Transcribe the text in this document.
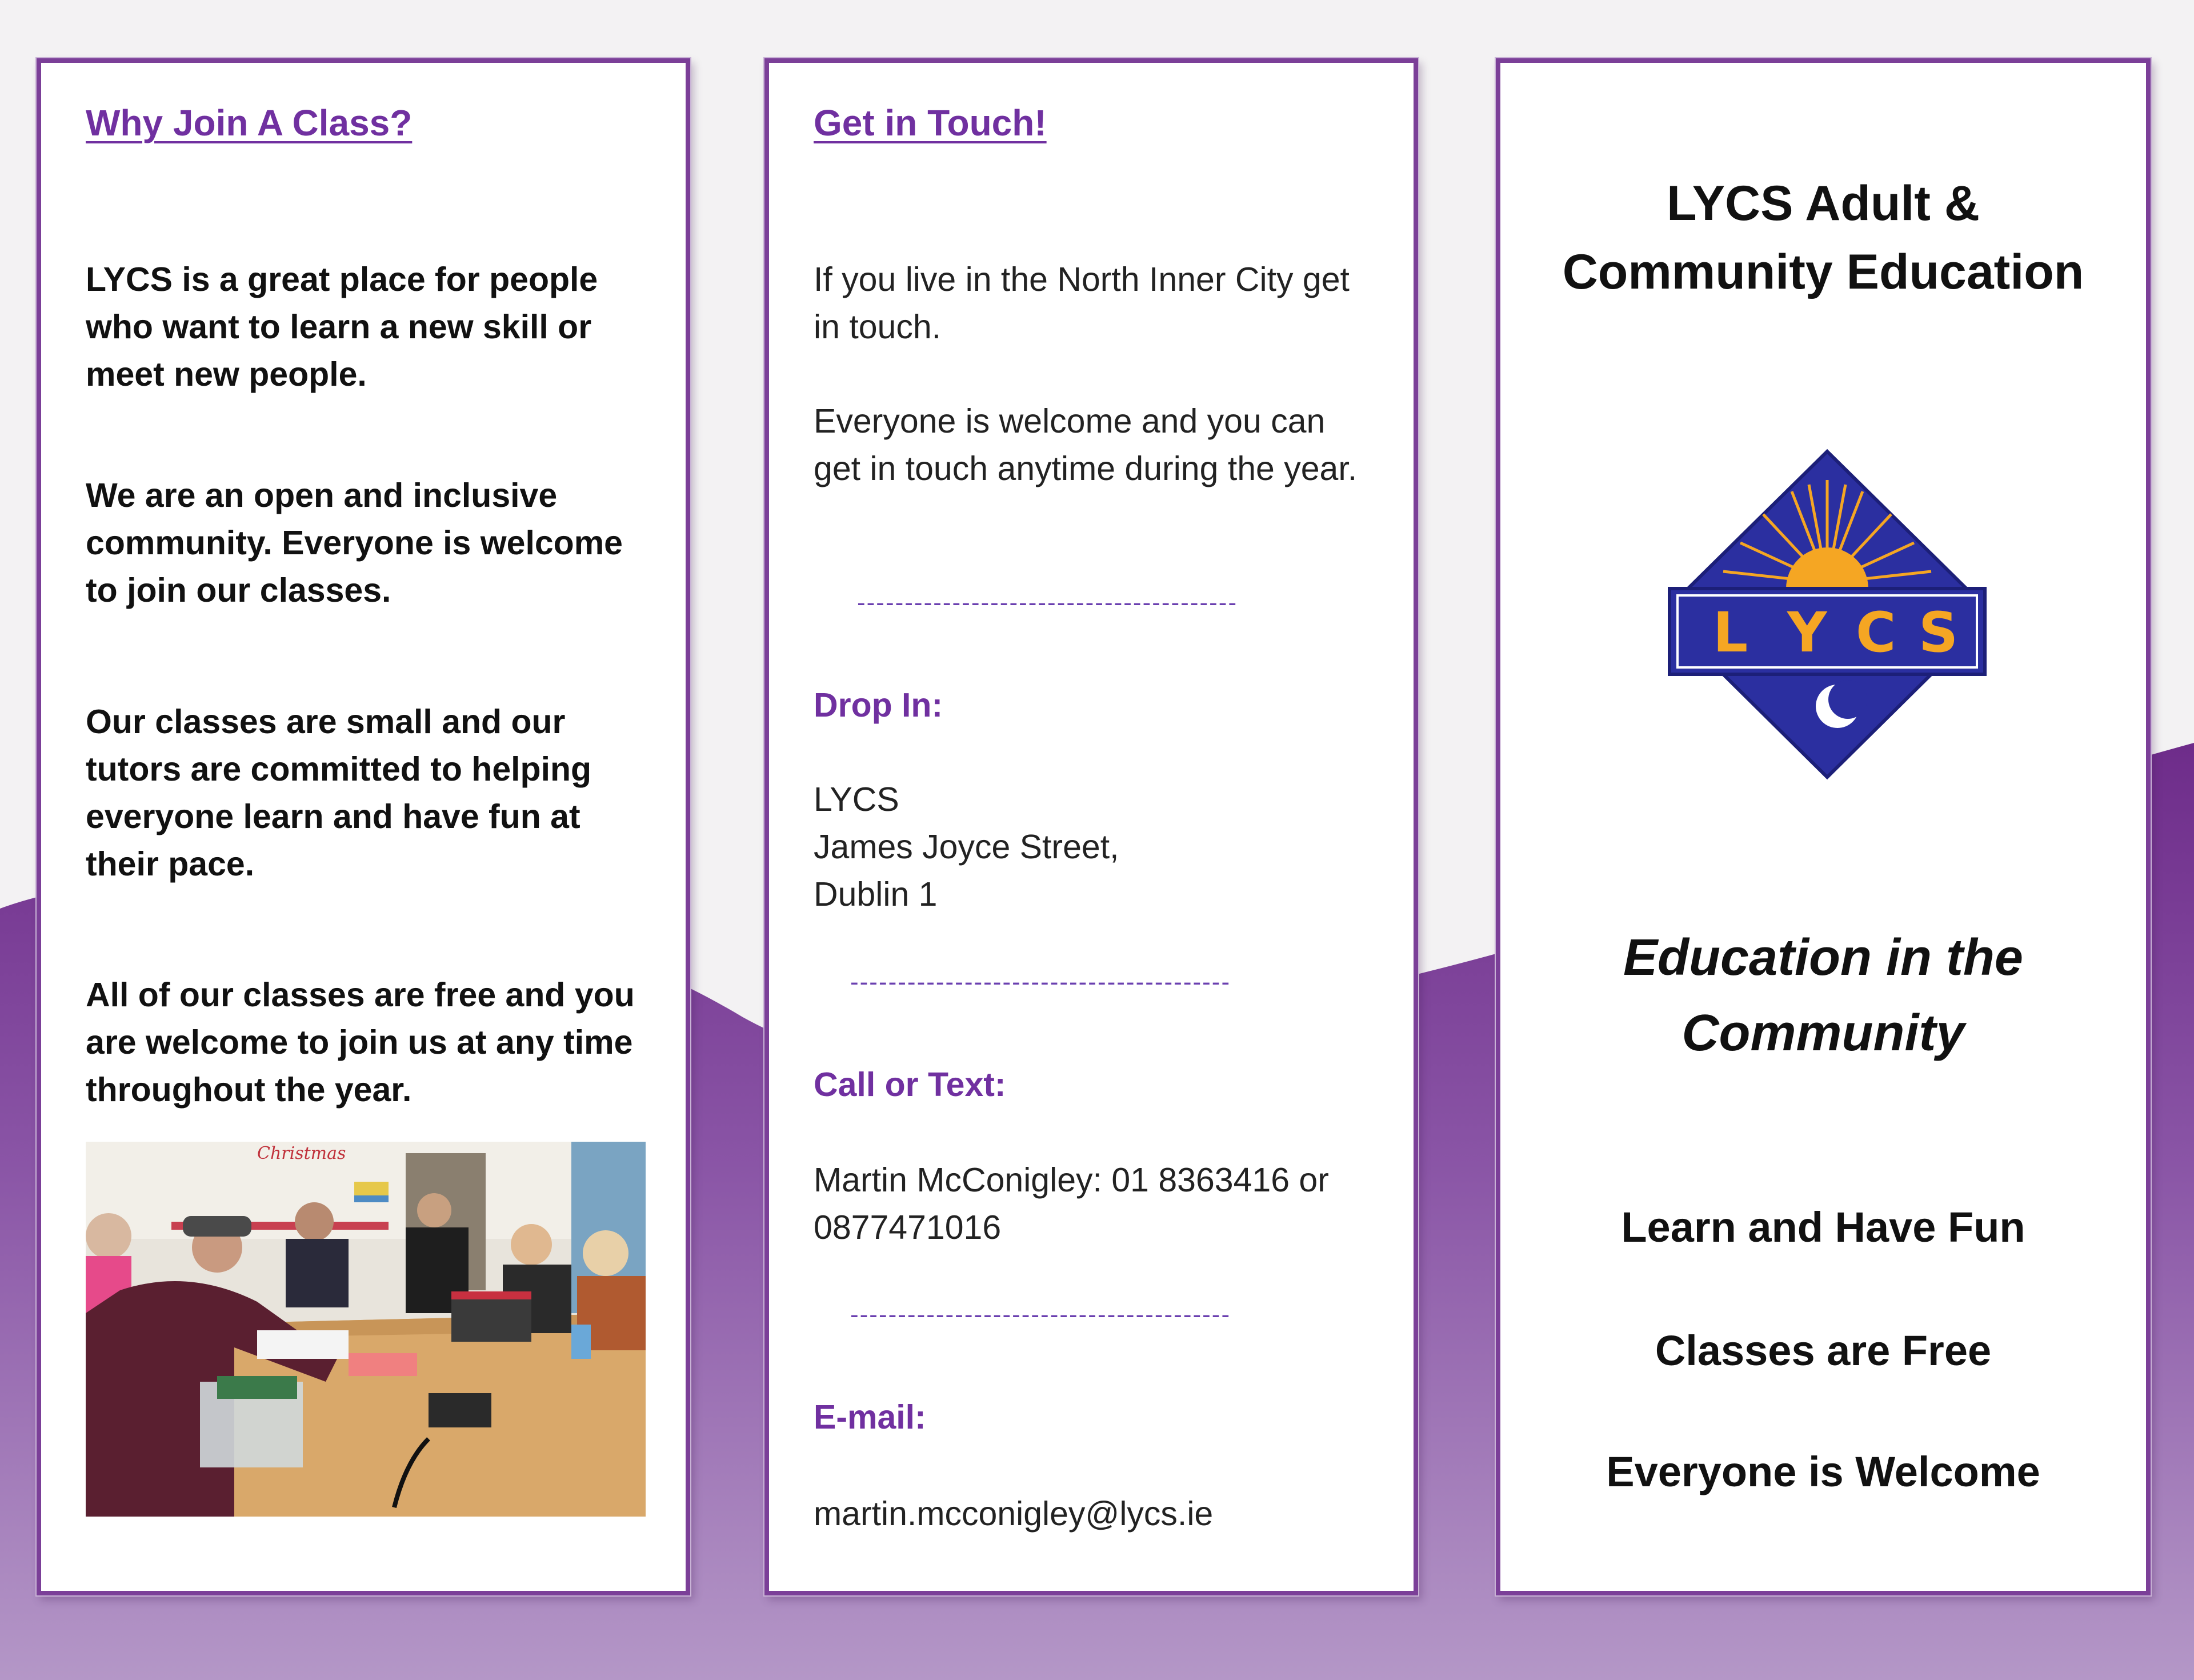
Why Join A Class?

LYCS is a great place for people who want to learn a new skill or meet new people.

We are an open and inclusive community. Everyone is welcome to join our classes.

Our classes are small and our tutors are committed to helping everyone learn and have fun at their pace.

All of our classes are free and you are welcome to join us at any time throughout the year.

Christmas
Get in Touch!

If you live in the North Inner City get in touch.

Everyone is welcome and you can get in touch anytime during the year.

----------------------------------------

Drop In:

LYCS

James Joyce Street,

Dublin 1

----------------------------------------

Call or Text:

Martin McConigley: 01 8363416 or 0877471016

----------------------------------------

E-mail:

martin.mcconigley@lycs.ie

LYCS Adult &
Community Education
L Y C S
Education in the
Community
Learn and Have Fun
Classes are Free
Everyone is Welcome
